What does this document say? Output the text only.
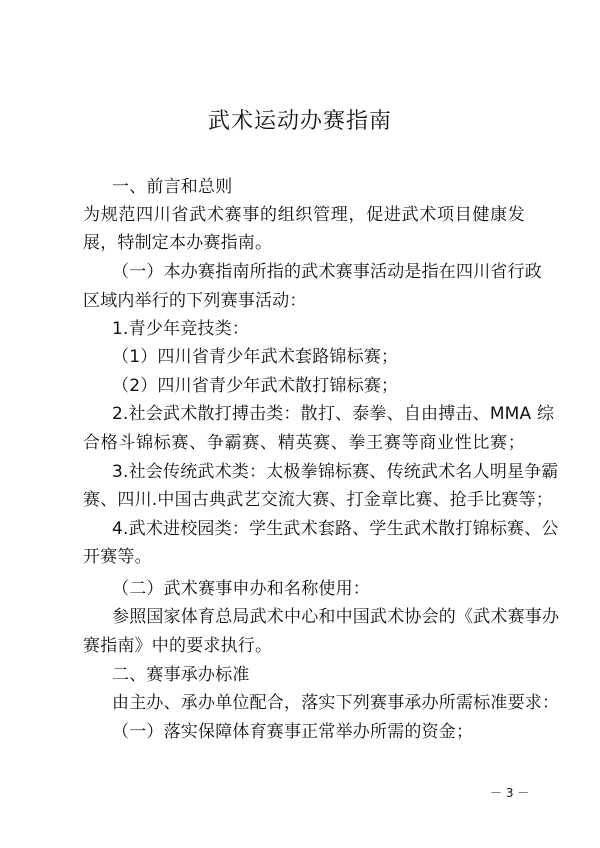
武术运动办赛指南
一、前言和总则
为规范四川省武术赛事的组织管理，促进武术项目健康发
展，特制定本办赛指南。
（一）本办赛指南所指的武术赛事活动是指在四川省行政
区域内举行的下列赛事活动：
1.青少年竞技类：
（1）四川省青少年武术套路锦标赛；
（2）四川省青少年武术散打锦标赛；
2.社会武术散打搏击类：散打、泰拳、自由搏击、MMA 综
合格斗锦标赛、争霸赛、精英赛、拳王赛等商业性比赛；
3.社会传统武术类：太极拳锦标赛、传统武术名人明星争霸
赛、四川.中国古典武艺交流大赛、打金章比赛、抢手比赛等；
4.武术进校园类：学生武术套路、学生武术散打锦标赛、公
开赛等。
（二）武术赛事申办和名称使用：
参照国家体育总局武术中心和中国武术协会的《武术赛事办
赛指南》中的要求执行。
二、赛事承办标准
由主办、承办单位配合，落实下列赛事承办所需标准要求：
（一）落实保障体育赛事正常举办所需的资金；
－ 3 －
